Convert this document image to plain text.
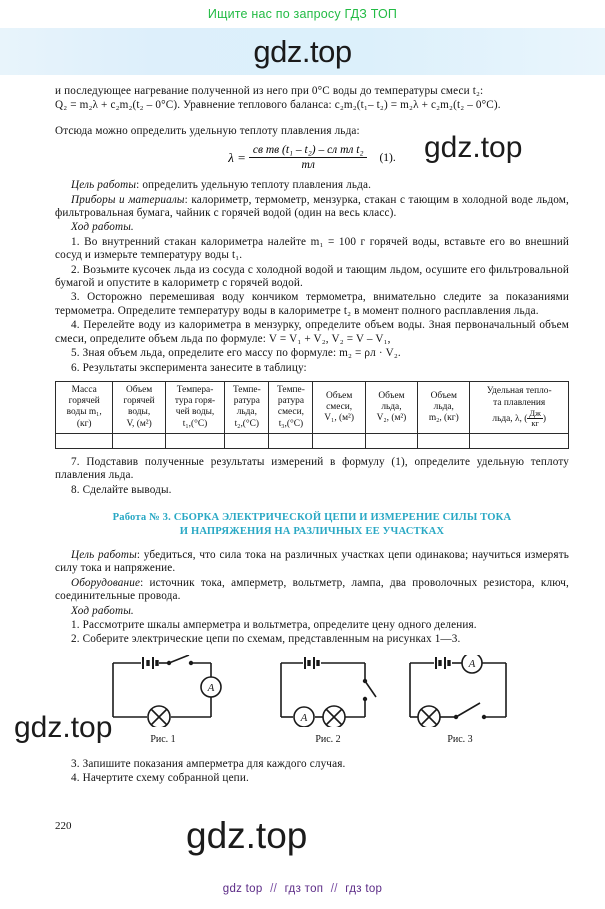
Ищите нас по запросу ГДЗ ТОП
gdz.top
gdz.top
gdz.top
gdz.top

и последующее нагревание полученной из него при 0°C воды до температуры смеси t₂:

Q₂ = m₂λ + c₂m₂(t₂ – 0°C). Уравнение теплового баланса: c₂m₂(t₁– t₂) = m₂λ + c₂m₂(t₂ – 0°C).

Отсюда можно определить удельную теплоту плавления льда:

$\lambda = \frac{\text{cв mв (t₁ – t₂) – cл mл t₂}}{mл} (1)$.

Цель работы: определить удельную теплоту плавления льда.

Приборы и материалы: калориметр, термометр, мензурка, стакан с тающим в холодной воде льдом, фильтровальная бумага, чайник с горячей водой (один на весь класс).

Ход работы.

1. Во внутренний стакан калориметра налейте m₁ = 100 г горячей воды, вставьте его во внешний сосуд и измерьте температуру воды t₁.

2. Возьмите кусочек льда из сосуда с холодной водой и тающим льдом, осушите его фильтровальной бумагой и опустите в калориметр с горячей водой.

3. Осторожно перемешивая воду кончиком термометра, внимательно следите за показаниями термометра. Определите температуру воды в калориметре t₂ в момент полного расплавления льда.

4. Перелейте воду из калориметра в мензурку, определите объем воды. Зная первоначальный объем смеси, определите объем льда по формуле: V = V₁ + V₂, V₂ = V – V₁,

5. Зная объем льда, определите его массу по формуле: m₂ = ρл · V₂.

6. Результаты эксперимента занесите в таблицу:

Масса
горячей
воды m₁,
(кг)	Объем
горячей
воды,
V, (м²)	Темпера-
тура горя-
чей воды,
t₁,(°C)	Темпе-
ратура
льда,
t₂,(°C)	Темпе-
ратура
смеси,
t₃,(°C)	Объем
смеси,
V₁, (м²)	Объем
льда,
V₂, (м²)	Объем
льда,
m₂, (кг)	Удельная тепло-
та плавления
льда, λ, ( $\frac{Дж}{кг}$ )

7. Подставив полученные результаты измерений в формулу (1), определите удельную теплоту плавления льда.

8. Сделайте выводы.

Работа № 3. СБОРКА ЭЛЕКТРИЧЕСКОЙ ЦЕПИ И ИЗМЕРЕНИЕ СИЛЫ ТОКА
И НАПРЯЖЕНИЯ НА РАЗЛИЧНЫХ ЕЕ УЧАСТКАХ

Цель работы: убедиться, что сила тока на различных участках цепи одинакова; научиться измерять силу тока и напряжение.

Оборудование: источник тока, амперметр, вольтметр, лампа, два проволочных резистора, ключ, соединительные провода.

Ход работы.

1. Рассмотрите шкалы амперметра и вольтметра, определите цену одного деления.

2. Соберите электрические цепи по схемам, представленным на рисунках 1—3.

A
Рис. 1
A
Рис. 2
A
Рис. 3

3. Запишите показания амперметра для каждого случая.

4. Начертите схему собранной цепи.

220
gdz top // гдз топ // гдз top
